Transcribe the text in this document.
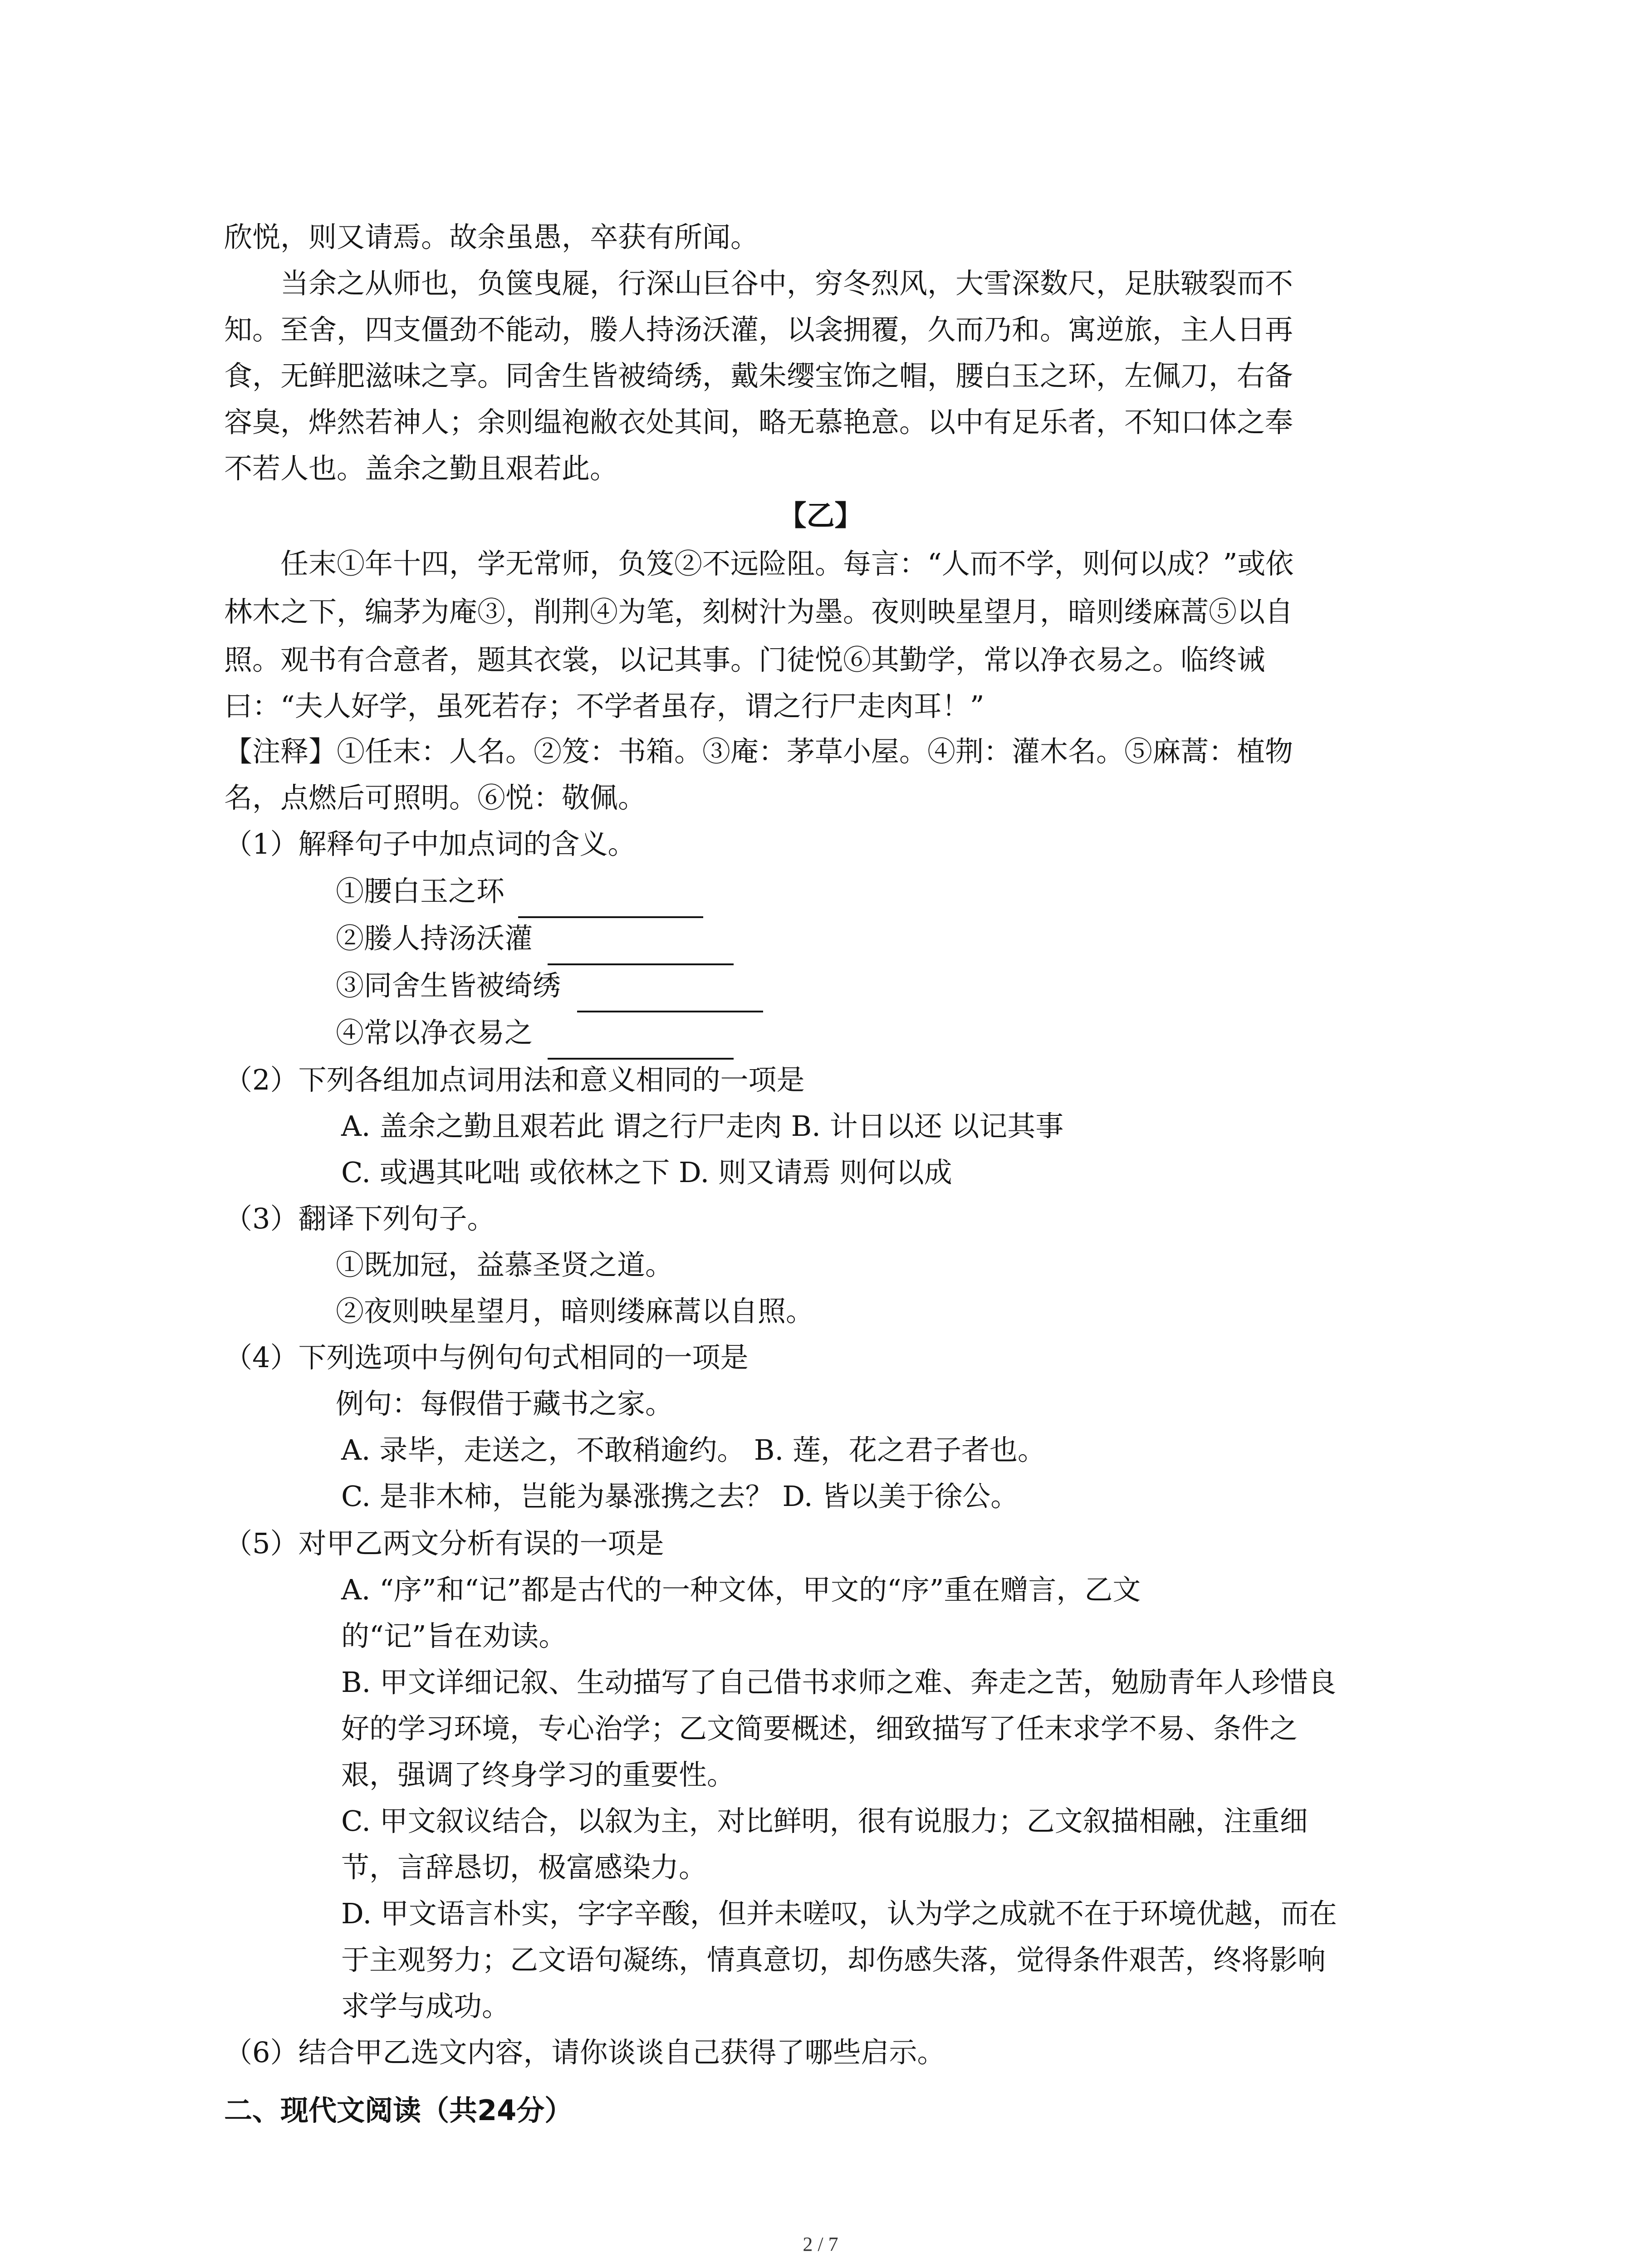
欣悦，则又请焉。故余虽愚，卒获有所闻。
当余之从师也，负箧曳屣，行深山巨谷中，穷冬烈风，大雪深数尺，足肤皲裂而不
知。至舍，四支僵劲不能动，媵人持汤沃灌，以衾拥覆，久而乃和。寓逆旅，主人日再
食，无鲜肥滋味之享。同舍生皆被绮绣，戴朱缨宝饰之帽，腰白玉之环，左佩刀，右备
容臭，烨然若神人；余则缊袍敝衣处其间，略无慕艳意。以中有足乐者，不知口体之奉
不若人也。盖余之勤且艰若此。
【乙】
任末①年十四，学无常师，负笈②不远险阻。每言：“人而不学，则何以成？”或依
林木之下，编茅为庵③，削荆④为笔，刻树汁为墨。夜则映星望月，暗则缕麻蒿⑤以自
照。观书有合意者，题其衣裳，以记其事。门徒悦⑥其勤学，常以净衣易之。临终诫
曰：“夫人好学，虽死若存；不学者虽存，谓之行尸走肉耳！”
【注释】①任末：人名。②笈：书箱。③庵：茅草小屋。④荆：灌木名。⑤麻蒿：植物
名，点燃后可照明。⑥悦：敬佩。
（1）解释句子中加点词的含义。
①腰白玉之环
②媵人持汤沃灌
③同舍生皆被绮绣
④常以净衣易之
（2）下列各组加点词用法和意义相同的一项是
A. 盖余之勤且艰若此 谓之行尸走肉 B. 计日以还 以记其事
C. 或遇其叱咄 或依林之下 D. 则又请焉 则何以成
（3）翻译下列句子。
①既加冠，益慕圣贤之道。
②夜则映星望月，暗则缕麻蒿以自照。
（4）下列选项中与例句句式相同的一项是
例句：每假借于藏书之家。
A. 录毕，走送之，不敢稍逾约。 B. 莲，花之君子者也。
C. 是非木柿，岂能为暴涨携之去？ D. 皆以美于徐公。
（5）对甲乙两文分析有误的一项是
A. “序”和“记”都是古代的一种文体，甲文的“序”重在赠言，乙文
的“记”旨在劝读。
B. 甲文详细记叙、生动描写了自己借书求师之难、奔走之苦，勉励青年人珍惜良
好的学习环境，专心治学；乙文简要概述，细致描写了任末求学不易、条件之
艰，强调了终身学习的重要性。
C. 甲文叙议结合，以叙为主，对比鲜明，很有说服力；乙文叙描相融，注重细
节，言辞恳切，极富感染力。
D. 甲文语言朴实，字字辛酸，但并未嗟叹，认为学之成就不在于环境优越，而在
于主观努力；乙文语句凝练，情真意切，却伤感失落，觉得条件艰苦，终将影响
求学与成功。
（6）结合甲乙选文内容，请你谈谈自己获得了哪些启示。
二、现代文阅读（共24分）
2 / 7
